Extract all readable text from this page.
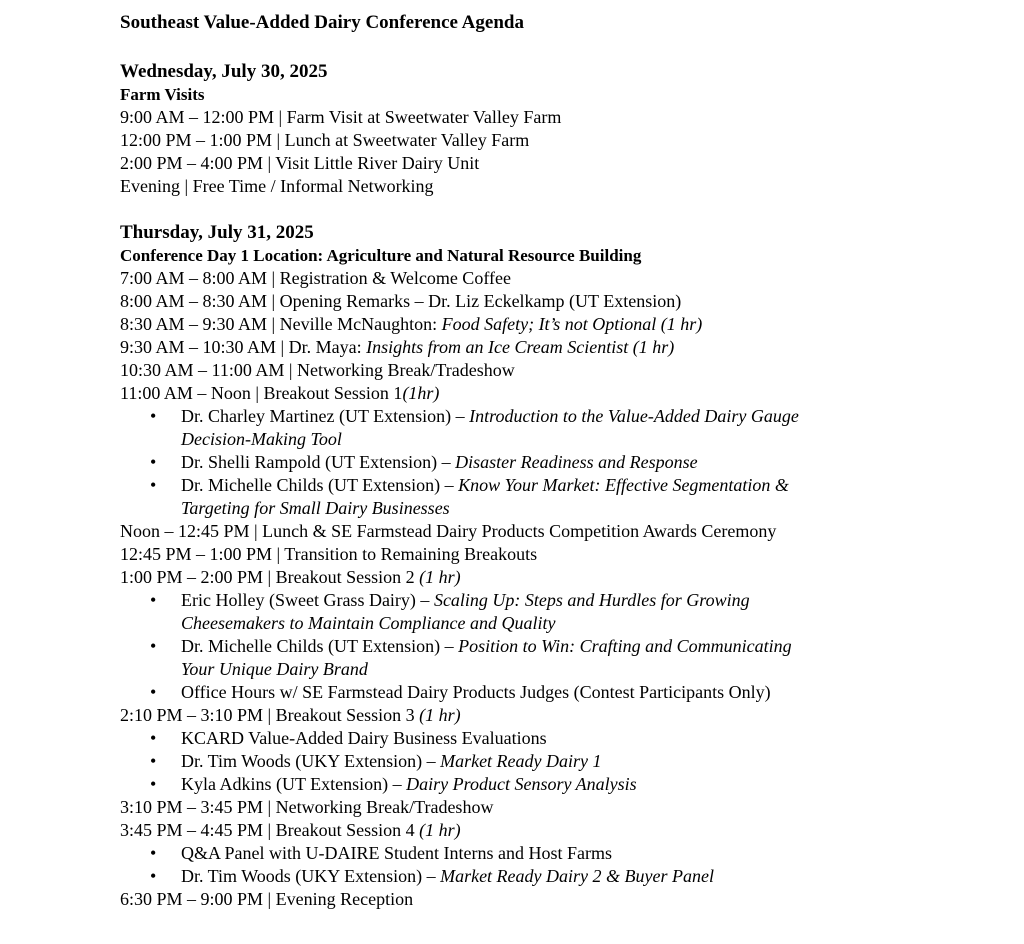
Southeast Value-Added Dairy Conference Agenda
Wednesday, July 30, 2025
Farm Visits
9:00 AM – 12:00 PM | Farm Visit at Sweetwater Valley Farm
12:00 PM – 1:00 PM | Lunch at Sweetwater Valley Farm
2:00 PM – 4:00 PM | Visit Little River Dairy Unit
Evening | Free Time / Informal Networking
Thursday, July 31, 2025
Conference Day 1 Location: Agriculture and Natural Resource Building
7:00 AM – 8:00 AM | Registration & Welcome Coffee
8:00 AM – 8:30 AM | Opening Remarks – Dr. Liz Eckelkamp (UT Extension)
8:30 AM – 9:30 AM | Neville McNaughton: Food Safety; It’s not Optional (1 hr)
9:30 AM – 10:30 AM | Dr. Maya: Insights from an Ice Cream Scientist (1 hr)
10:30 AM – 11:00 AM | Networking Break/Tradeshow
11:00 AM – Noon | Breakout Session 1(1hr)
• Dr. Charley Martinez (UT Extension) – Introduction to the Value-Added Dairy Gauge
Decision-Making Tool
• Dr. Shelli Rampold (UT Extension) – Disaster Readiness and Response
• Dr. Michelle Childs (UT Extension) – Know Your Market: Effective Segmentation &
Targeting for Small Dairy Businesses
Noon – 12:45 PM | Lunch & SE Farmstead Dairy Products Competition Awards Ceremony
12:45 PM – 1:00 PM | Transition to Remaining Breakouts
1:00 PM – 2:00 PM | Breakout Session 2 (1 hr)
• Eric Holley (Sweet Grass Dairy) – Scaling Up: Steps and Hurdles for Growing
Cheesemakers to Maintain Compliance and Quality
• Dr. Michelle Childs (UT Extension) – Position to Win: Crafting and Communicating
Your Unique Dairy Brand
• Office Hours w/ SE Farmstead Dairy Products Judges (Contest Participants Only)
2:10 PM – 3:10 PM | Breakout Session 3 (1 hr)
• KCARD Value-Added Dairy Business Evaluations
• Dr. Tim Woods (UKY Extension) – Market Ready Dairy 1
• Kyla Adkins (UT Extension) – Dairy Product Sensory Analysis
3:10 PM – 3:45 PM | Networking Break/Tradeshow
3:45 PM – 4:45 PM | Breakout Session 4 (1 hr)
• Q&A Panel with U-DAIRE Student Interns and Host Farms
• Dr. Tim Woods (UKY Extension) – Market Ready Dairy 2 & Buyer Panel
6:30 PM – 9:00 PM | Evening Reception
